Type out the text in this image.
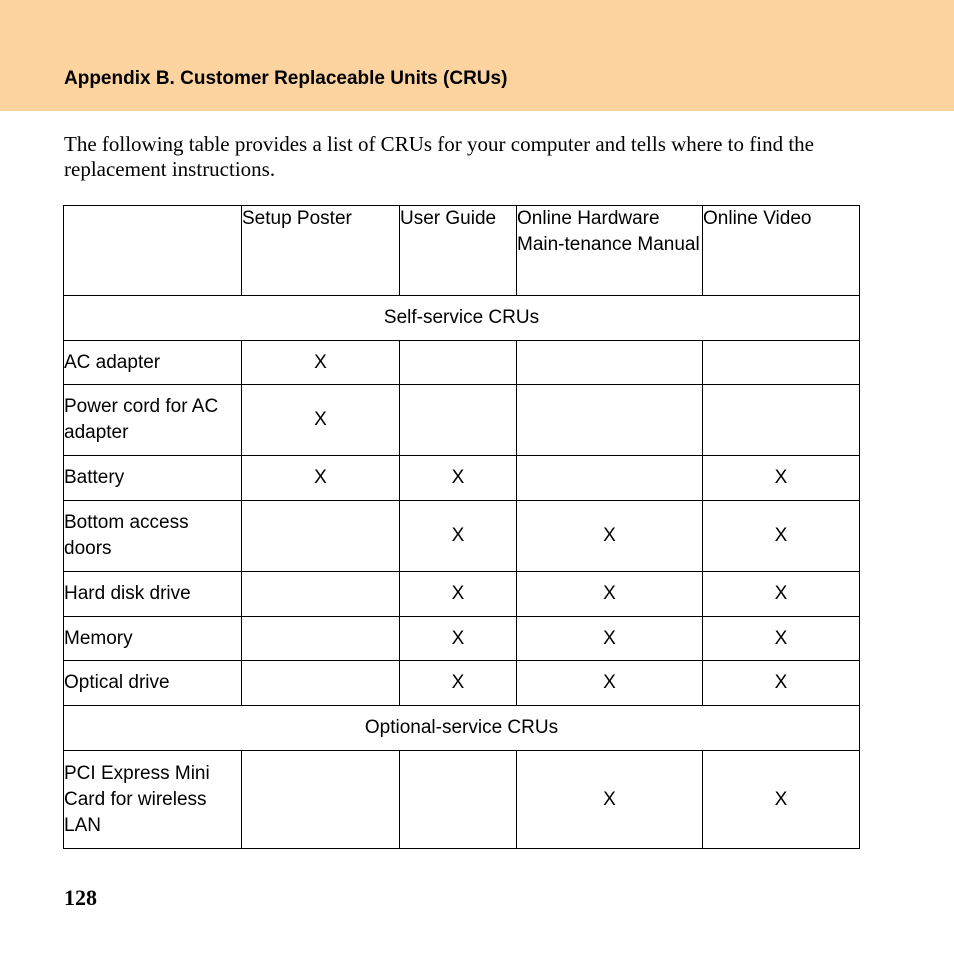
Appendix B. Customer Replaceable Units (CRUs)
The following table provides a list of CRUs for your computer and tells where to find the replacement instructions.
	Setup Poster	User Guide	Online Hardware Main-tenance Manual	Online Video
Self-service CRUs				
AC adapter	X			
Power cord for AC adapter	X			
Battery	X	X		X
Bottom access doors		X	X	X
Hard disk drive		X	X	X
Memory		X	X	X
Optical drive		X	X	X
Optional-service CRUs				
PCI Express Mini Card for wireless LAN			X	X
128
